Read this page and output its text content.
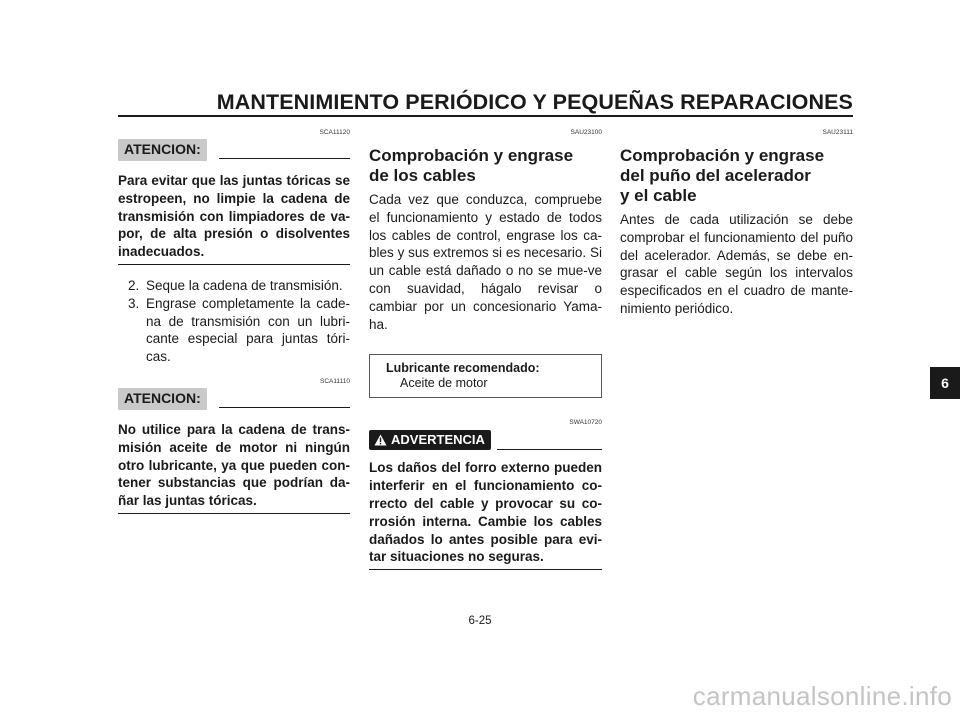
MANTENIMIENTO PERIÓDICO Y PEQUEÑAS REPARACIONES
SCA11120
ATENCION:
Para evitar que las juntas tóricas se estropeen, no limpie la cadena de transmisión con limpiadores de va-por, de alta presión o disolventes inadecuados.
2. Seque la cadena de transmisión.
3. Engrase completamente la cade-na de transmisión con un lubri-cante especial para juntas tóri-cas.
SCA11110
ATENCION:
No utilice para la cadena de trans-misión aceite de motor ni ningún otro lubricante, ya que pueden con-tener substancias que podrían da-ñar las juntas tóricas.
SAU23100
Comprobación y engrase
de los cables
Cada vez que conduzca, compruebe el funcionamiento y estado de todos los cables de control, engrase los ca-bles y sus extremos si es necesario. Si un cable está dañado o no se mue-ve con suavidad, hágalo revisar o cambiar por un concesionario Yama-ha.
Lubricante recomendado:
Aceite de motor
SWA10720
ADVERTENCIA
Los daños del forro externo pueden interferir en el funcionamiento co-rrecto del cable y provocar su co-rrosión interna. Cambie los cables dañados lo antes posible para evi-tar situaciones no seguras.
SAU23111
Comprobación y engrase
del puño del acelerador
y el cable
Antes de cada utilización se debe comprobar el funcionamiento del puño del acelerador. Además, se debe en-grasar el cable según los intervalos especificados en el cuadro de mante-nimiento periódico.
6
6-25
carmanualsonline.info
